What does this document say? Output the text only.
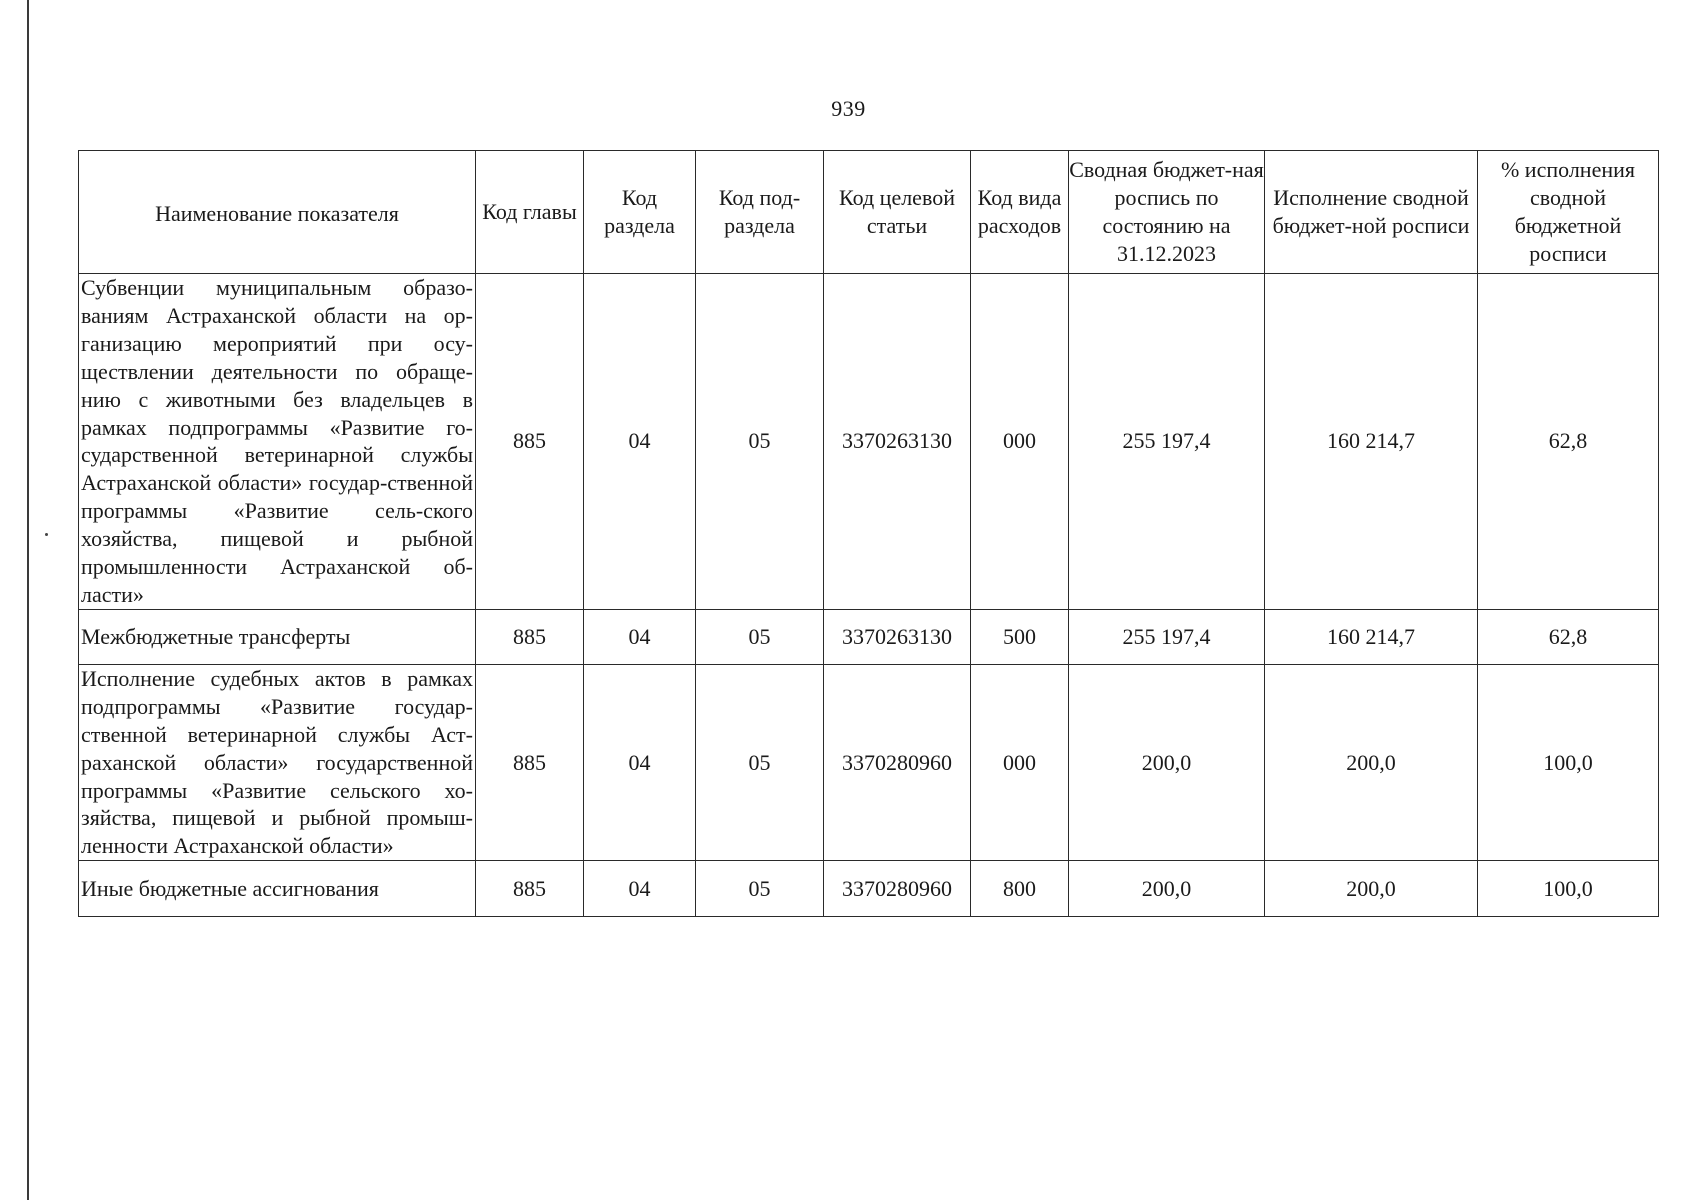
939
Наименование показателя	Код главы	Код раздела	Код под-раздела	Код целевой статьи	Код вида расходов	Сводная бюджет-ная роспись по состоянию на 31.12.2023	Исполнение сводной бюджет-ной росписи	% исполнения сводной бюджетной росписи
Субвенции муниципальным образо-ваниям Астраханской области на ор-ганизацию мероприятий при осу-ществлении деятельности по обраще-нию с животными без владельцев в рамках подпрограммы «Развитие го-сударственной ветеринарной службы Астраханской области» государ-ственной программы «Развитие сель-ского хозяйства, пищевой и рыбной промышленности Астраханской об-ласти»	885	04	05	3370263130	000	255 197,4	160 214,7	62,8
Межбюджетные трансферты	885	04	05	3370263130	500	255 197,4	160 214,7	62,8
Исполнение судебных актов в рамках подпрограммы «Развитие государ-ственной ветеринарной службы Аст-раханской области» государственной программы «Развитие сельского хо-зяйства, пищевой и рыбной промыш-ленности Астраханской области»	885	04	05	3370280960	000	200,0	200,0	100,0
Иные бюджетные ассигнования	885	04	05	3370280960	800	200,0	200,0	100,0
